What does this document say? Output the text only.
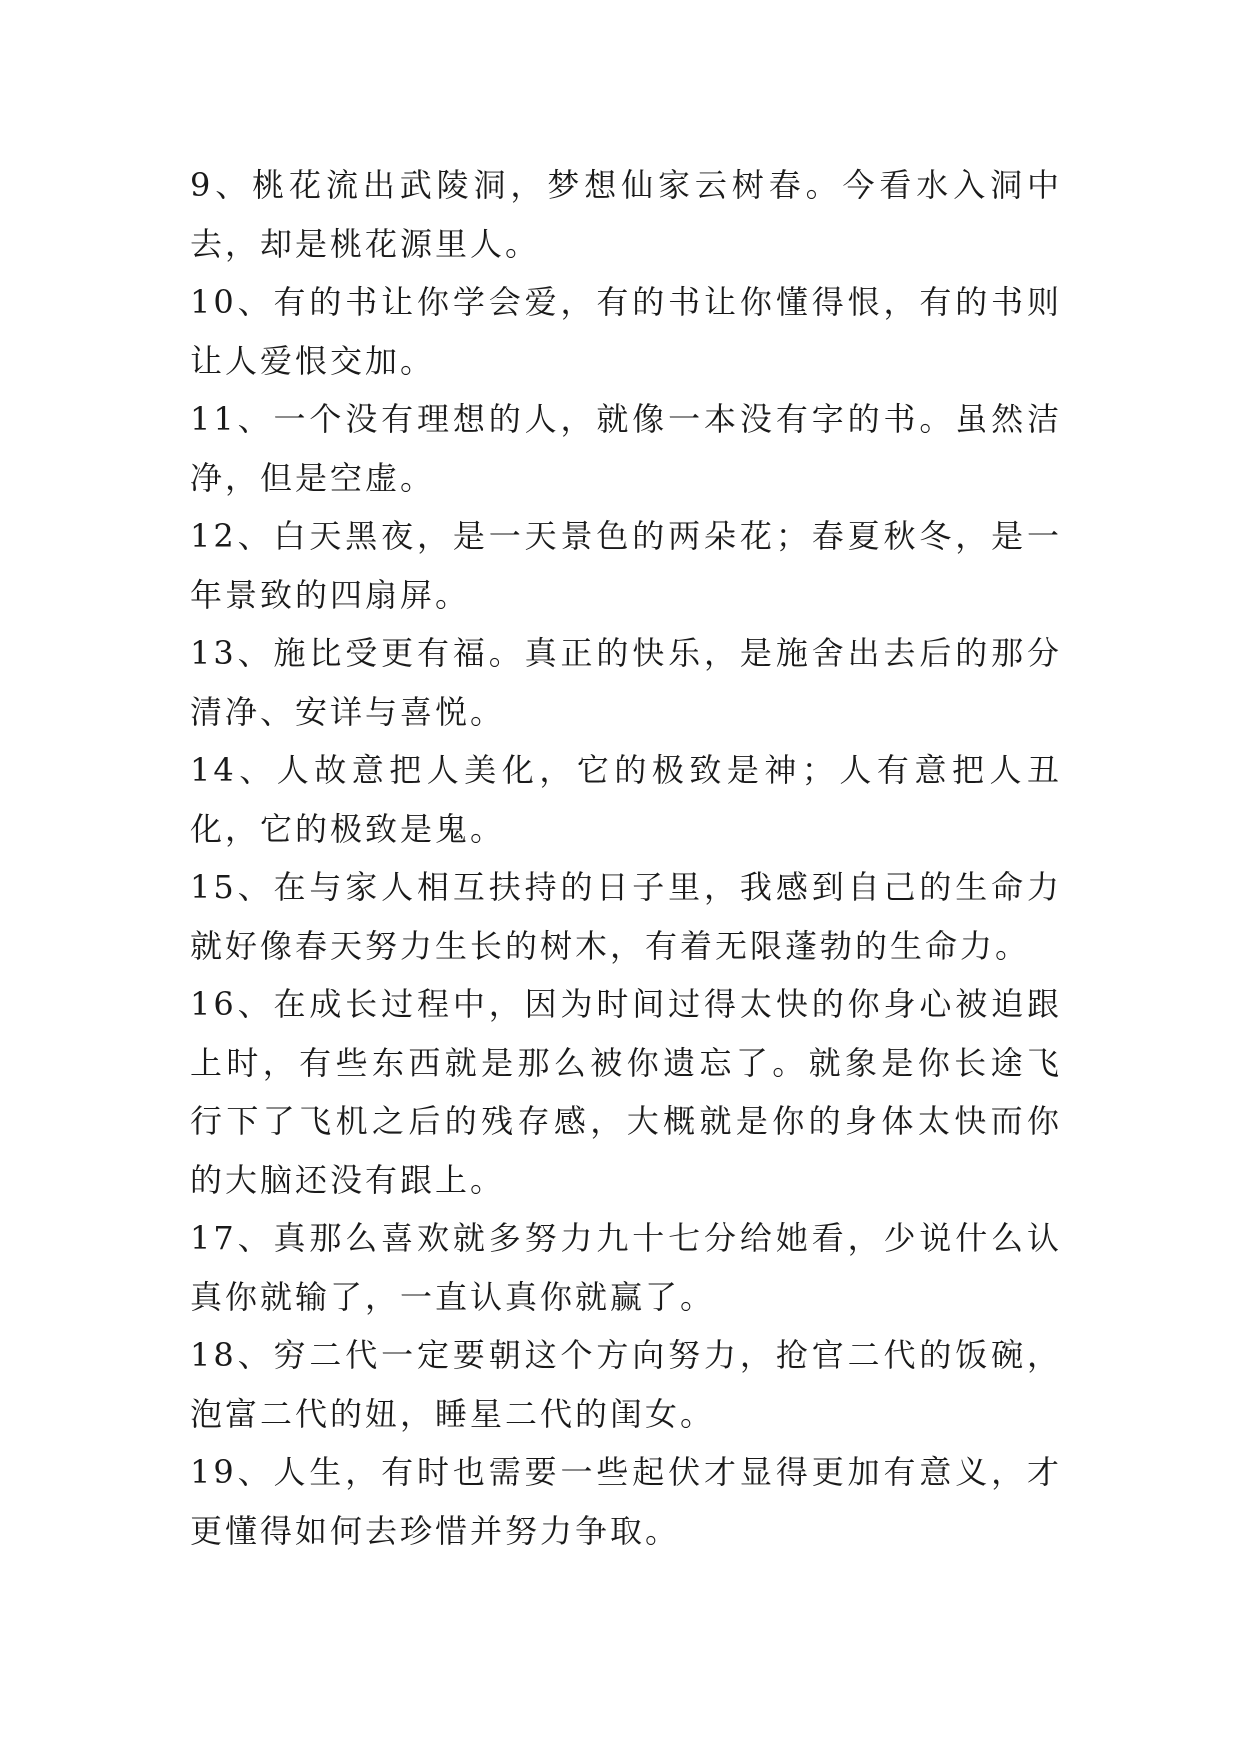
9、桃花流出武陵洞，梦想仙家云树春。今看水入洞中去，却是桃花源里人。

10、有的书让你学会爱，有的书让你懂得恨，有的书则让人爱恨交加。

11、一个没有理想的人，就像一本没有字的书。虽然洁净，但是空虚。

12、白天黑夜，是一天景色的两朵花；春夏秋冬，是一年景致的四扇屏。

13、施比受更有福。真正的快乐，是施舍出去后的那分清净、安详与喜悦。

14、人故意把人美化，它的极致是神；人有意把人丑化，它的极致是鬼。

15、在与家人相互扶持的日子里，我感到自己的生命力就好像春天努力生长的树木，有着无限蓬勃的生命力。

16、在成长过程中，因为时间过得太快的你身心被迫跟上时，有些东西就是那么被你遗忘了。就象是你长途飞行下了飞机之后的残存感，大概就是你的身体太快而你的大脑还没有跟上。

17、真那么喜欢就多努力九十七分给她看，少说什么认真你就输了，一直认真你就赢了。

18、穷二代一定要朝这个方向努力，抢官二代的饭碗，泡富二代的妞，睡星二代的闺女。

19、人生，有时也需要一些起伏才显得更加有意义，才更懂得如何去珍惜并努力争取。
